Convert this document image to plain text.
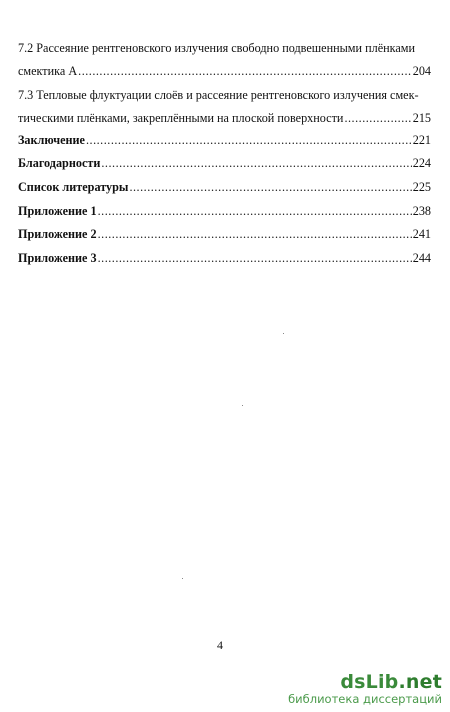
7.2 Рассеяние рентгеновского излучения свободно подвешенными плёнками
смектика А .....	204
7.3 Тепловые флуктуации слоёв и рассеяние рентгеновского излучения смек-
тическими плёнками, закреплёнными на плоской поверхности .....	215
Заключение .....	221
Благодарности .....	224
Список литературы .....	225
Приложение 1 .....	238
Приложение 2 .....	241
Приложение 3 .....	244
4
dsLib.net
библиотека диссертаций
